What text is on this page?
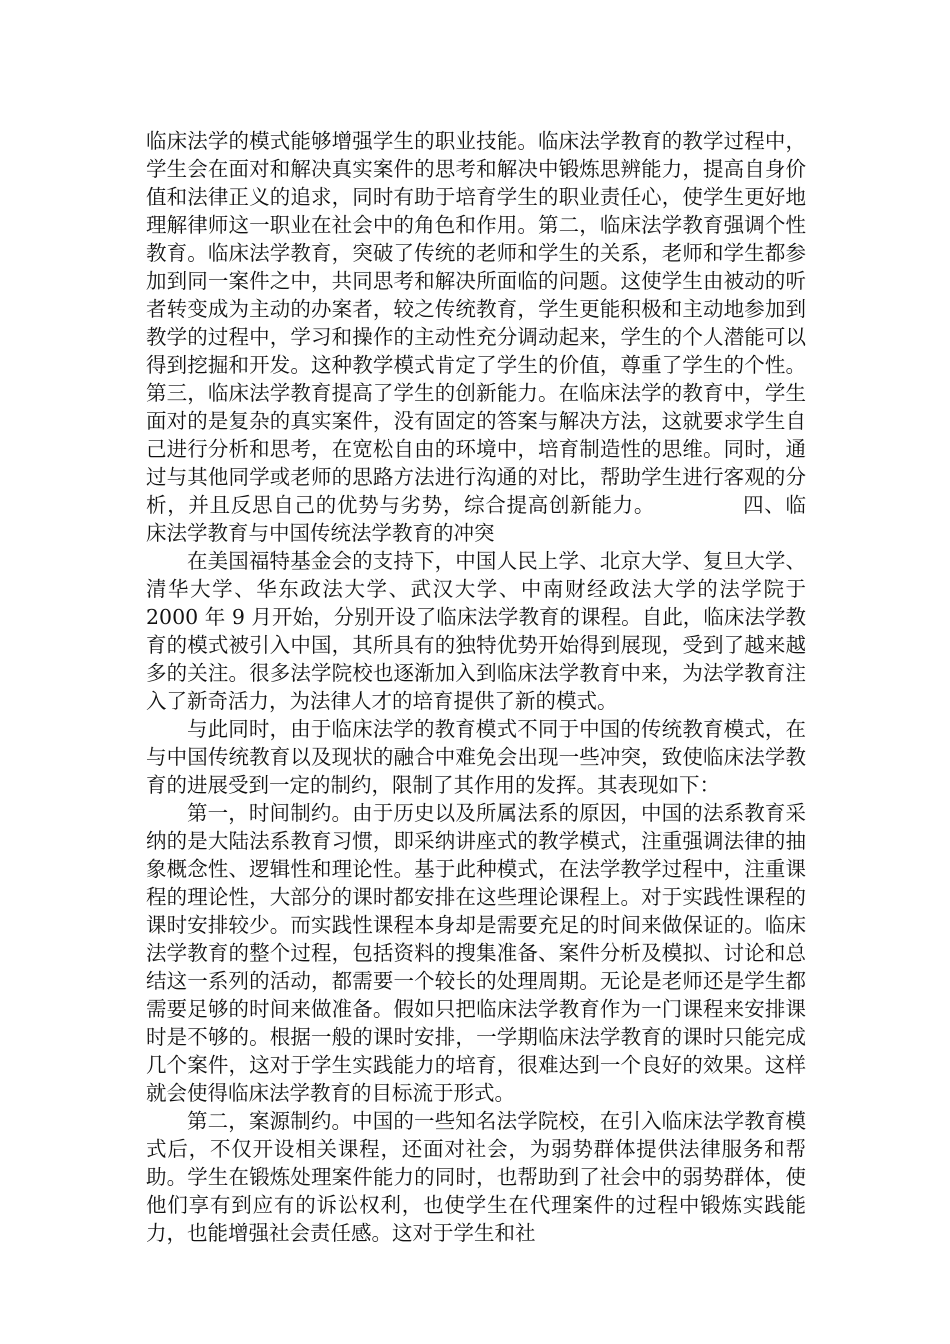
临床法学的模式能够增强学生的职业技能。临床法学教育的教学过程中，学生会在面对和解决真实案件的思考和解决中锻炼思辨能力，提高自身价值和法律正义的追求，同时有助于培育学生的职业责任心，使学生更好地理解律师这一职业在社会中的角色和作用。第二，临床法学教育强调个性教育。临床法学教育，突破了传统的老师和学生的关系，老师和学生都参加到同一案件之中，共同思考和解决所面临的问题。这使学生由被动的听者转变成为主动的办案者，较之传统教育，学生更能积极和主动地参加到教学的过程中，学习和操作的主动性充分调动起来，学生的个人潜能可以得到挖掘和开发。这种教学模式肯定了学生的价值，尊重了学生的个性。第三，临床法学教育提高了学生的创新能力。在临床法学的教育中，学生面对的是复杂的真实案件，没有固定的答案与解决方法，这就要求学生自己进行分析和思考，在宽松自由的环境中，培育制造性的思维。同时，通过与其他同学或老师的思路方法进行沟通的对比，帮助学生进行客观的分析，并且反思自己的优势与劣势，综合提高创新能力。	四、临床法学教育与中国传统法学教育的冲突

在美国福特基金会的支持下，中国人民上学、北京大学、复旦大学、清华大学、华东政法大学、武汉大学、中南财经政法大学的法学院于 2000 年 9 月开始，分别开设了临床法学教育的课程。自此，临床法学教育的模式被引入中国，其所具有的独特优势开始得到展现，受到了越来越多的关注。很多法学院校也逐渐加入到临床法学教育中来，为法学教育注入了新奇活力，为法律人才的培育提供了新的模式。

与此同时，由于临床法学的教育模式不同于中国的传统教育模式，在与中国传统教育以及现状的融合中难免会出现一些冲突，致使临床法学教育的进展受到一定的制约，限制了其作用的发挥。其表现如下：

第一，时间制约。由于历史以及所属法系的原因，中国的法系教育采纳的是大陆法系教育习惯，即采纳讲座式的教学模式，注重强调法律的抽象概念性、逻辑性和理论性。基于此种模式，在法学教学过程中，注重课程的理论性，大部分的课时都安排在这些理论课程上。对于实践性课程的课时安排较少。而实践性课程本身却是需要充足的时间来做保证的。临床法学教育的整个过程，包括资料的搜集准备、案件分析及模拟、讨论和总结这一系列的活动，都需要一个较长的处理周期。无论是老师还是学生都需要足够的时间来做准备。假如只把临床法学教育作为一门课程来安排课时是不够的。根据一般的课时安排，一学期临床法学教育的课时只能完成几个案件，这对于学生实践能力的培育，很难达到一个良好的效果。这样就会使得临床法学教育的目标流于形式。

第二，案源制约。中国的一些知名法学院校，在引入临床法学教育模式后，不仅开设相关课程，还面对社会，为弱势群体提供法律服务和帮助。学生在锻炼处理案件能力的同时，也帮助到了社会中的弱势群体，使他们享有到应有的诉讼权利，也使学生在代理案件的过程中锻炼实践能力，也能增强社会责任感。这对于学生和社
